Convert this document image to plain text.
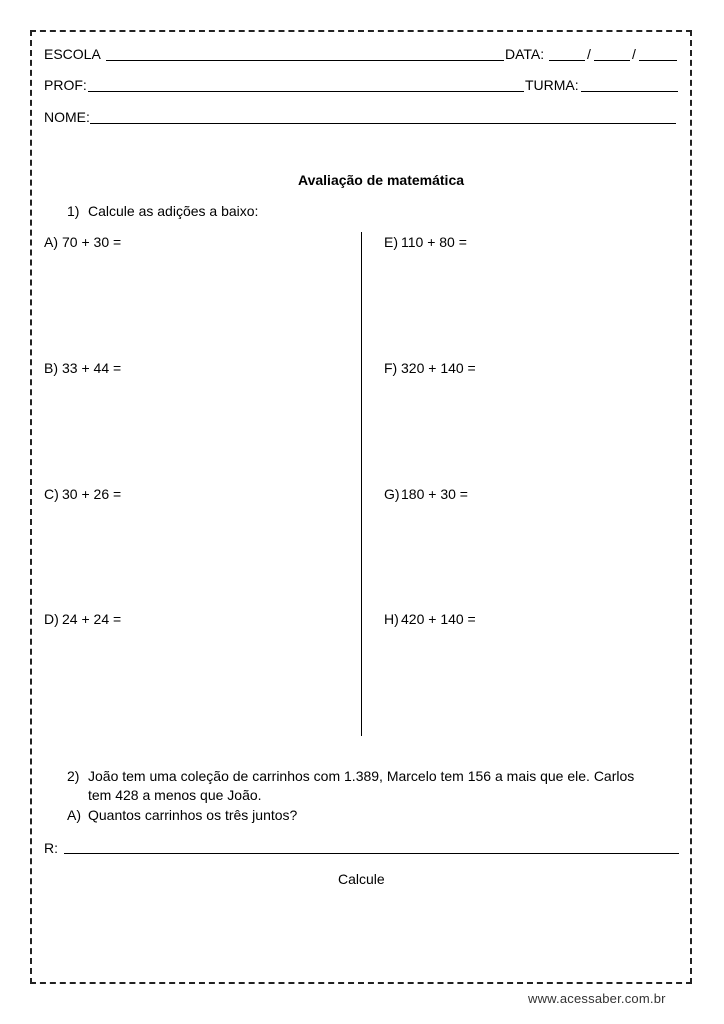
ESCOLA	DATA:	/	/
PROF:	TURMA:
NOME:
Avaliação de matemática
1) Calcule as adições a baixo:
A) 70 + 30 =
B) 33 + 44 =
C) 30 + 26 =
D) 24 + 24 =
E) 110 + 80 =
F) 320 + 140 =
G) 180 + 30 =
H) 420 + 140 =
2) João tem uma coleção de carrinhos com 1.389, Marcelo tem 156 a mais que ele. Carlos
tem 428 a menos que João.
A) Quantos carrinhos os três juntos?
R:
Calcule
www.acessaber.com.br
